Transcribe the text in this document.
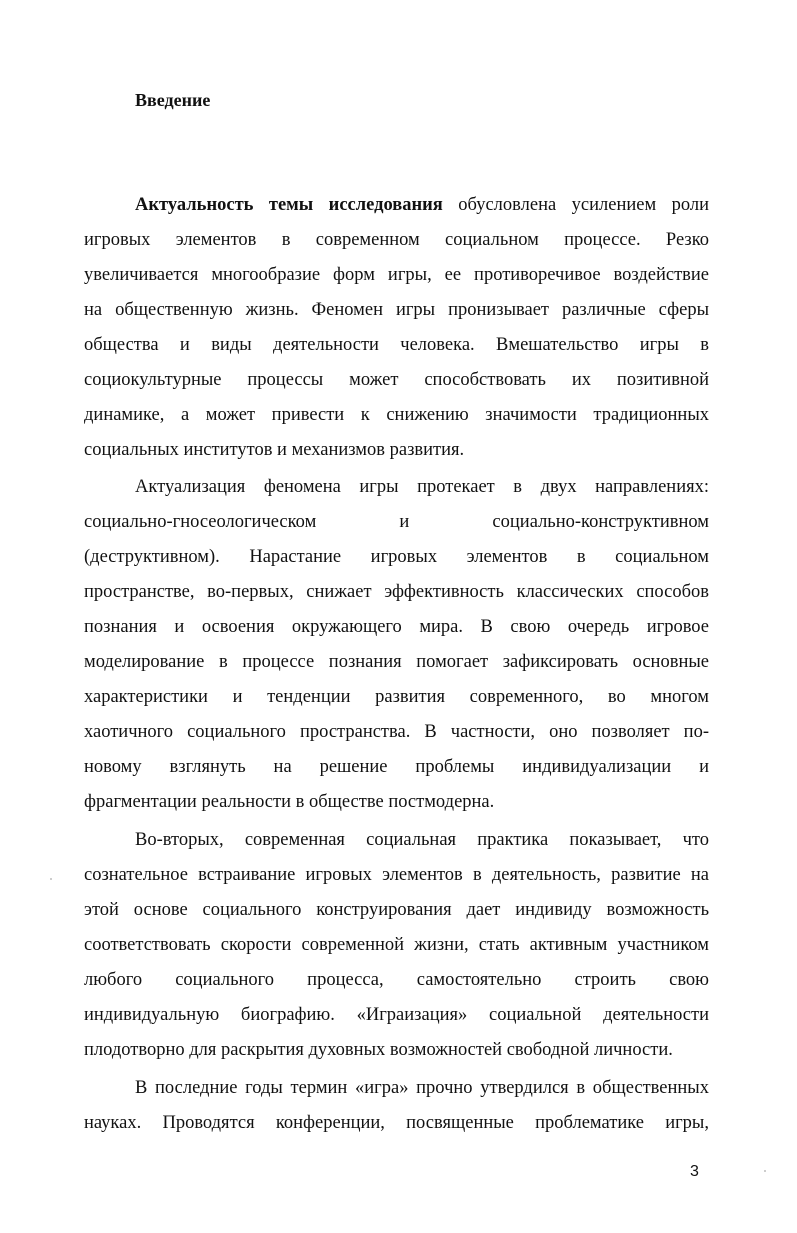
Введение

Актуальность темы исследования обусловлена усилением роли

игровых элементов в современном социальном процессе. Резко

увеличивается многообразие форм игры, ее противоречивое воздействие

на общественную жизнь. Феномен игры пронизывает различные сферы

общества и виды деятельности человека. Вмешательство игры в

социокультурные процессы может способствовать их позитивной

динамике, а может привести к снижению значимости традиционных

социальных институтов и механизмов развития.

Актуализация феномена игры протекает в двух направлениях:

социально-гносеологическом и социально-конструктивном

(деструктивном). Нарастание игровых элементов в социальном

пространстве, во-первых, снижает эффективность классических способов

познания и освоения окружающего мира. В свою очередь игровое

моделирование в процессе познания помогает зафиксировать основные

характеристики и тенденции развития современного, во многом

хаотичного социального пространства. В частности, оно позволяет по-

новому взглянуть на решение проблемы индивидуализации и

фрагментации реальности в обществе постмодерна.

Во-вторых, современная социальная практика показывает, что

сознательное встраивание игровых элементов в деятельность, развитие на

этой основе социального конструирования дает индивиду возможность

соответствовать скорости современной жизни, стать активным участником

любого социального процесса, самостоятельно строить свою

индивидуальную биографию. «Играизация» социальной деятельности

плодотворно для раскрытия духовных возможностей свободной личности.

В последние годы термин «игра» прочно утвердился в общественных

науках. Проводятся конференции, посвященные проблематике игры,

3
